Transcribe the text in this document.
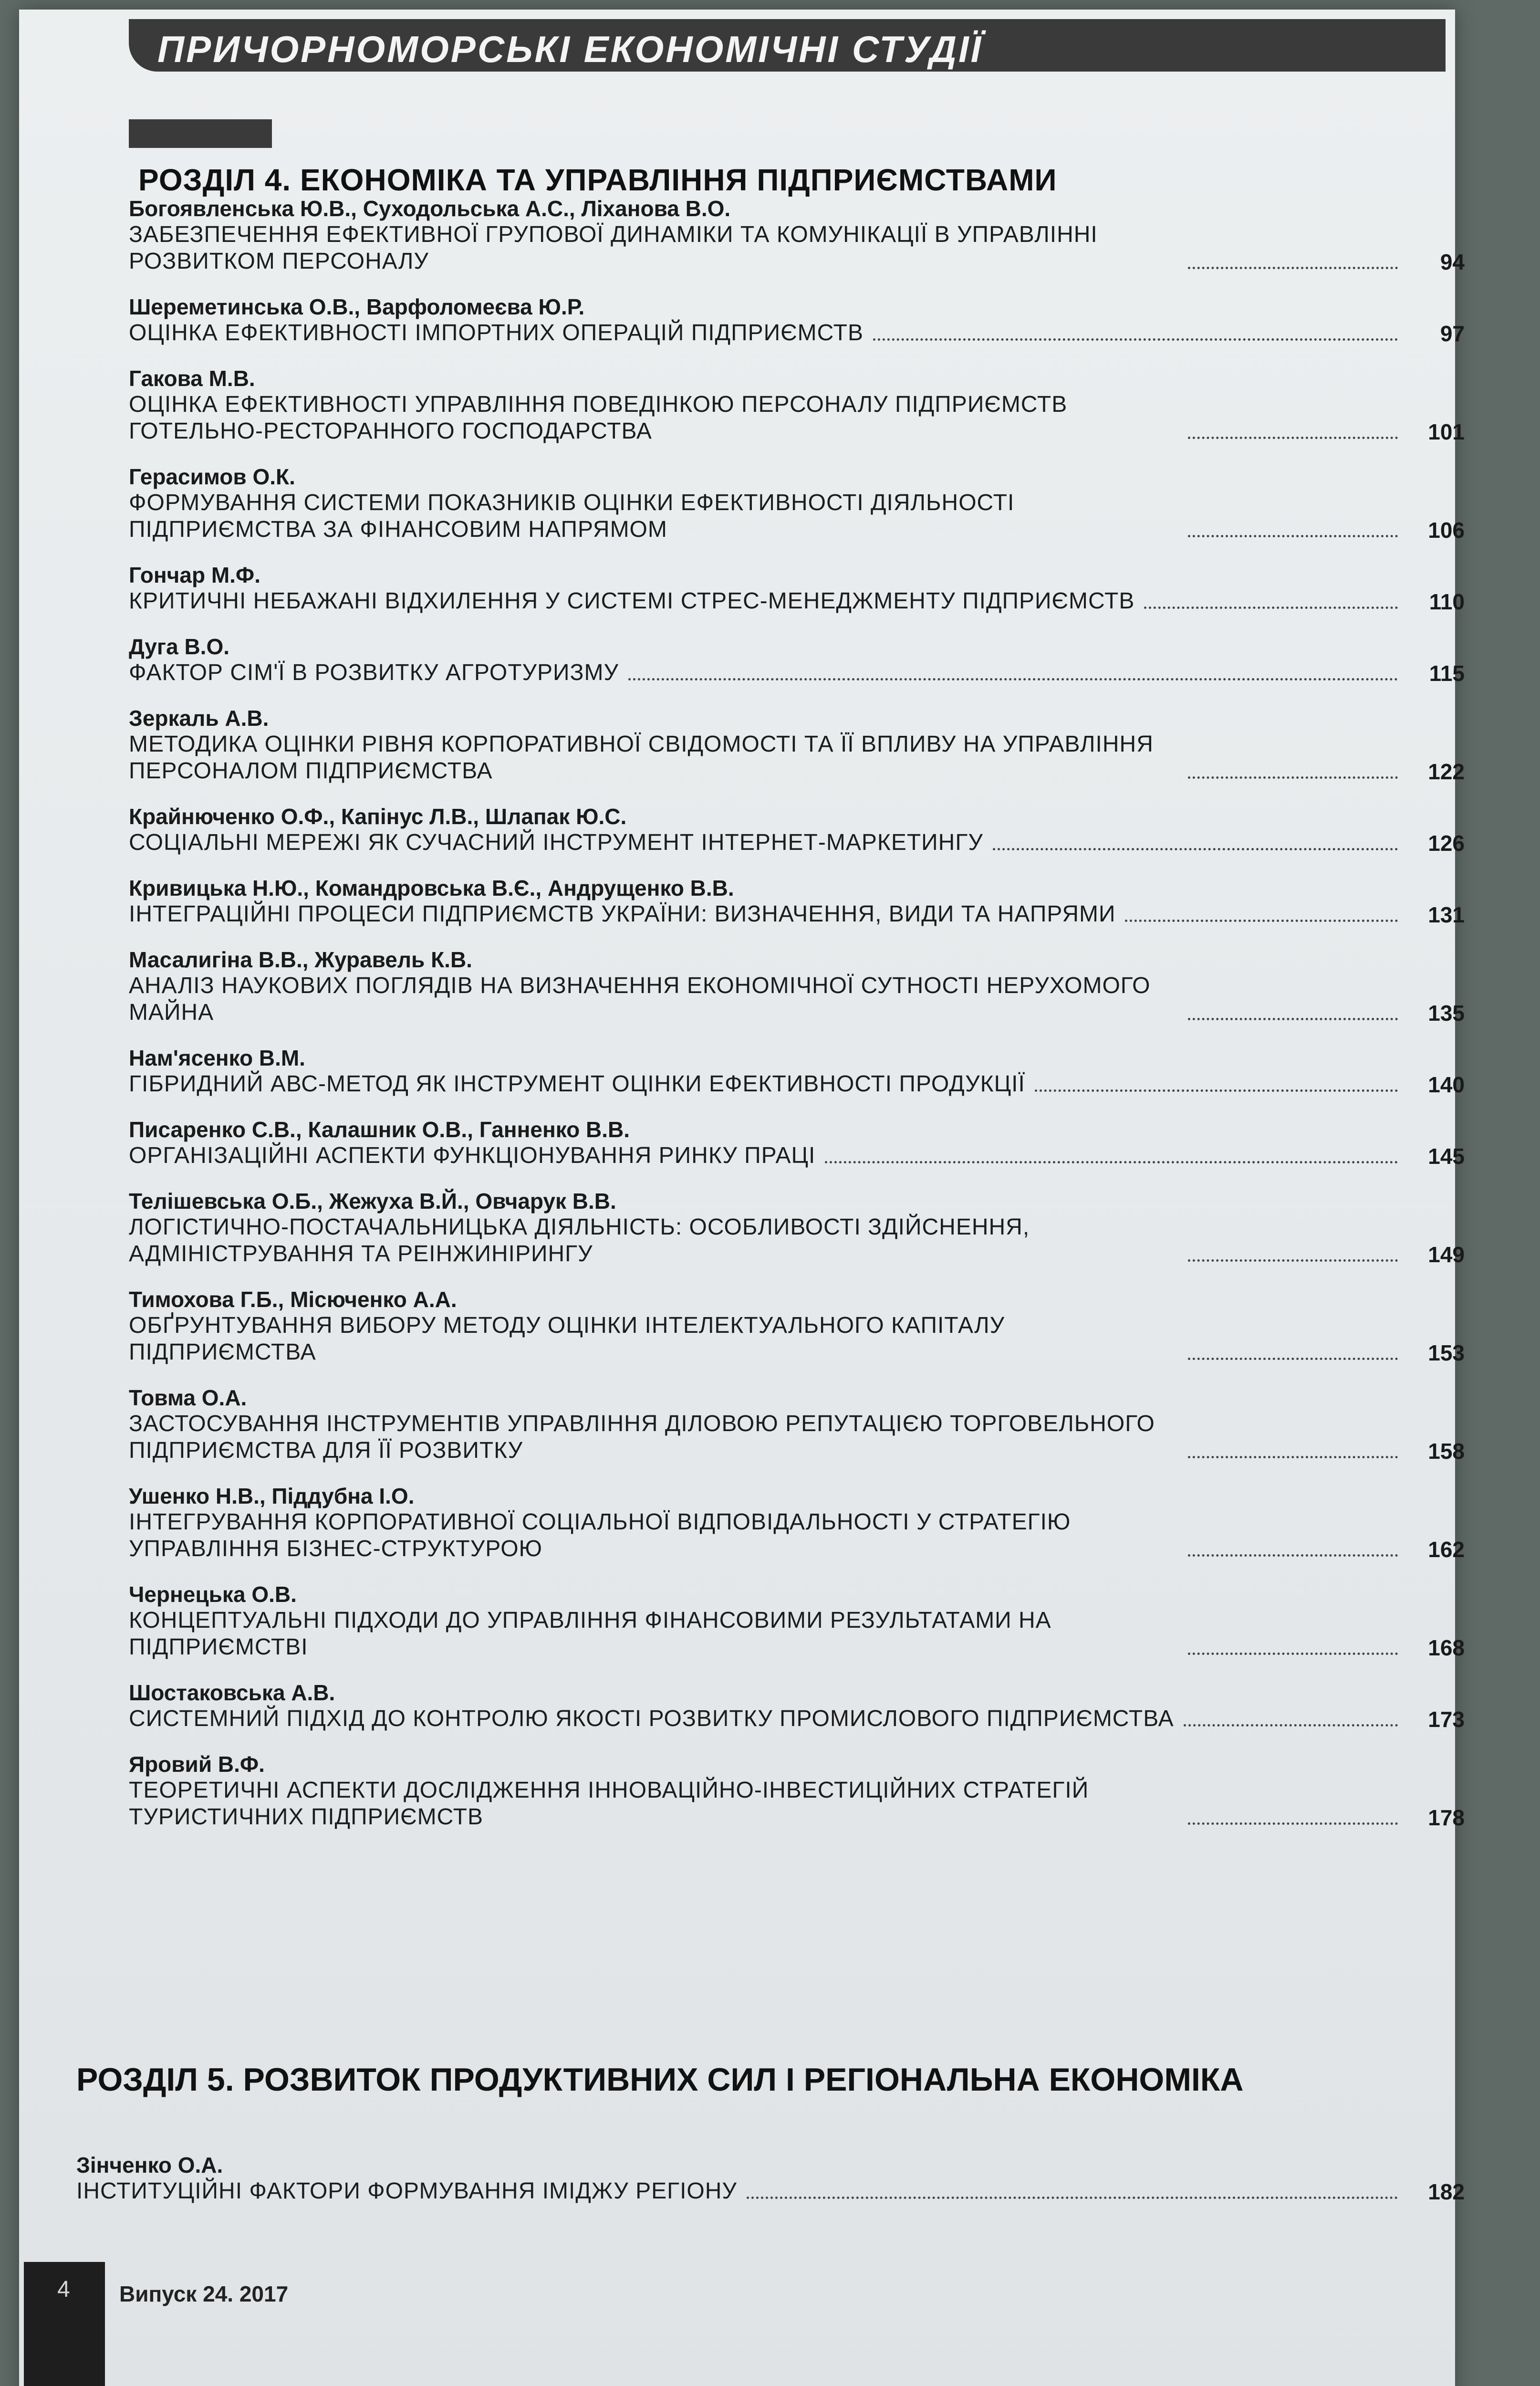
ПРИЧОРНОМОРСЬКІ ЕКОНОМІЧНІ СТУДІЇ
РОЗДІЛ 4. ЕКОНОМІКА ТА УПРАВЛІННЯ ПІДПРИЄМСТВАМИ
Богоявленська Ю.В., Суходольська А.С., Ліханова В.О.
ЗАБЕЗПЕЧЕННЯ ЕФЕКТИВНОЇ ГРУПОВОЇ ДИНАМІКИ ТА КОМУНІКАЦІЇ В УПРАВЛІННІ РОЗВИТКОМ ПЕРСОНАЛУ	94
Шереметинська О.В., Варфоломеєва Ю.Р.
ОЦІНКА ЕФЕКТИВНОСТІ ІМПОРТНИХ ОПЕРАЦІЙ ПІДПРИЄМСТВ	97
Гакова М.В.
ОЦІНКА ЕФЕКТИВНОСТІ УПРАВЛІННЯ ПОВЕДІНКОЮ ПЕРСОНАЛУ ПІДПРИЄМСТВ ГОТЕЛЬНО-РЕСТОРАННОГО ГОСПОДАРСТВА	101
Герасимов О.К.
ФОРМУВАННЯ СИСТЕМИ ПОКАЗНИКІВ ОЦІНКИ ЕФЕКТИВНОСТІ ДІЯЛЬНОСТІ ПІДПРИЄМСТВА ЗА ФІНАНСОВИМ НАПРЯМОМ	106
Гончар М.Ф.
КРИТИЧНІ НЕБАЖАНІ ВІДХИЛЕННЯ У СИСТЕМІ СТРЕС-МЕНЕДЖМЕНТУ ПІДПРИЄМСТВ	110
Дуга В.О.
ФАКТОР СІМ'Ї В РОЗВИТКУ АГРОТУРИЗМУ	115
Зеркаль А.В.
МЕТОДИКА ОЦІНКИ РІВНЯ КОРПОРАТИВНОЇ СВІДОМОСТІ ТА ЇЇ ВПЛИВУ НА УПРАВЛІННЯ ПЕРСОНАЛОМ ПІДПРИЄМСТВА	122
Крайнюченко О.Ф., Капінус Л.В., Шлапак Ю.С.
СОЦІАЛЬНІ МЕРЕЖІ ЯК СУЧАСНИЙ ІНСТРУМЕНТ ІНТЕРНЕТ-МАРКЕТИНГУ	126
Кривицька Н.Ю., Командровська В.Є., Андрущенко В.В.
ІНТЕГРАЦІЙНІ ПРОЦЕСИ ПІДПРИЄМСТВ УКРАЇНИ: ВИЗНАЧЕННЯ, ВИДИ ТА НАПРЯМИ	131
Масалигіна В.В., Журавель К.В.
АНАЛІЗ НАУКОВИХ ПОГЛЯДІВ НА ВИЗНАЧЕННЯ ЕКОНОМІЧНОЇ СУТНОСТІ НЕРУХОМОГО МАЙНА	135
Нам'ясенко В.М.
ГІБРИДНИЙ АВС-МЕТОД ЯК ІНСТРУМЕНТ ОЦІНКИ ЕФЕКТИВНОСТІ ПРОДУКЦІЇ	140
Писаренко С.В., Калашник О.В., Ганненко В.В.
ОРГАНІЗАЦІЙНІ АСПЕКТИ ФУНКЦІОНУВАННЯ РИНКУ ПРАЦІ	145
Телішевська О.Б., Жежуха В.Й., Овчарук В.В.
ЛОГІСТИЧНО-ПОСТАЧАЛЬНИЦЬКА ДІЯЛЬНІСТЬ: ОСОБЛИВОСТІ ЗДІЙСНЕННЯ, АДМІНІСТРУВАННЯ ТА РЕІНЖИНІРИНГУ	149
Тимохова Г.Б., Місюченко А.А.
ОБҐРУНТУВАННЯ ВИБОРУ МЕТОДУ ОЦІНКИ ІНТЕЛЕКТУАЛЬНОГО КАПІТАЛУ ПІДПРИЄМСТВА	153
Товма О.А.
ЗАСТОСУВАННЯ ІНСТРУМЕНТІВ УПРАВЛІННЯ ДІЛОВОЮ РЕПУТАЦІЄЮ ТОРГОВЕЛЬНОГО ПІДПРИЄМСТВА ДЛЯ ЇЇ РОЗВИТКУ	158
Ушенко Н.В., Піддубна І.О.
ІНТЕГРУВАННЯ КОРПОРАТИВНОЇ СОЦІАЛЬНОЇ ВІДПОВІДАЛЬНОСТІ У СТРАТЕГІЮ УПРАВЛІННЯ БІЗНЕС-СТРУКТУРОЮ	162
Чернецька О.В.
КОНЦЕПТУАЛЬНІ ПІДХОДИ ДО УПРАВЛІННЯ ФІНАНСОВИМИ РЕЗУЛЬТАТАМИ НА ПІДПРИЄМСТВІ	168
Шостаковська А.В.
СИСТЕМНИЙ ПІДХІД ДО КОНТРОЛЮ ЯКОСТІ РОЗВИТКУ ПРОМИСЛОВОГО ПІДПРИЄМСТВА	173
Яровий В.Ф.
ТЕОРЕТИЧНІ АСПЕКТИ ДОСЛІДЖЕННЯ ІННОВАЦІЙНО-ІНВЕСТИЦІЙНИХ СТРАТЕГІЙ ТУРИСТИЧНИХ ПІДПРИЄМСТВ	178
РОЗДІЛ 5. РОЗВИТОК ПРОДУКТИВНИХ СИЛ І РЕГІОНАЛЬНА ЕКОНОМІКА
Зінченко О.А.
ІНСТИТУЦІЙНІ ФАКТОРИ ФОРМУВАННЯ ІМІДЖУ РЕГІОНУ	182
4 Випуск 24. 2017
